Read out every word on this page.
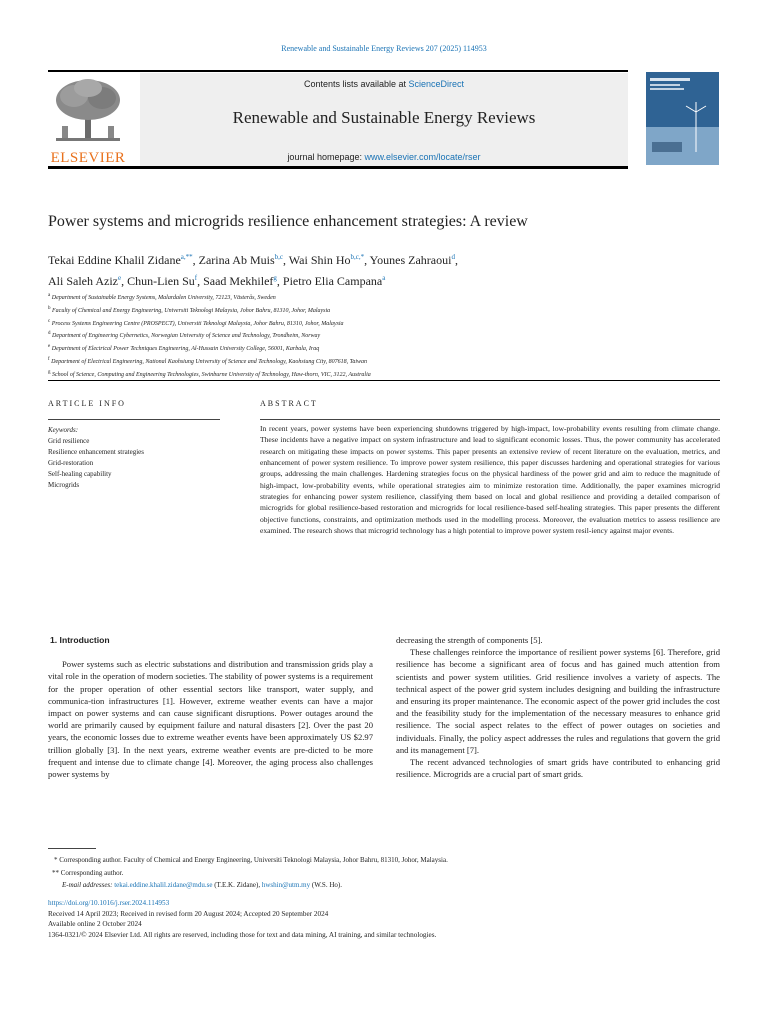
Renewable and Sustainable Energy Reviews 207 (2025) 114953
ELSEVIER
Contents lists available at ScienceDirect
Renewable and Sustainable Energy Reviews
journal homepage: www.elsevier.com/locate/rser
Power systems and microgrids resilience enhancement strategies: A review
Tekai Eddine Khalil Zidane$^{a,**}$, Zarina Ab Muis$^{b,c}$, Wai Shin $Ho^{b,c,*}$, Younes Zahraoui$^d$,
Ali Saleh Aziz$^e$, Chun-Lien Su$^f$, Saad Mekhilef$^g$, Pietro Elia Campana$^a$
$^a$ Department of Sustainable Energy Systems, Malardalen University, 72123, Västerås, Sweden
$^b$ Faculty of Chemical and Energy Engineering, Universiti Teknologi Malaysia, Johor Bahru, 81310, Johor, Malaysia
$^c$ Process Systems Engineering Centre (PROSPECT), Universiti Teknologi Malaysia, Johor Bahru, 81310, Johor, Malaysia
$^d$ Department of Engineering Cybernetics, Norwegian University of Science and Technology, Trondheim, Norway
$^e$ Department of Electrical Power Techniques Engineering, Al-Hussain University College, 56001, Karbala, Iraq
$^f$ Department of Electrical Engineering, National Kaohsiung University of Science and Technology, Kaohsiung City, 807618, Taiwan
$^g$ School of Science, Computing and Engineering Technologies, Swinburne University of Technology, Haw-thorn, VIC, 3122, Australia
ARTICLE INFO
Keywords:
Grid resilience
Resilience enhancement strategies
Grid-restoration
Self-healing capability
Microgrids
ABSTRACT
In recent years, power systems have been experiencing shutdowns triggered by high-impact, low-probability events resulting from climate change. These incidents have a negative impact on system infrastructure and lead to significant economic losses. Thus, the power community has accelerated research on mitigating these impacts on power systems. This paper presents an extensive review of recent literature on the evaluation, metrics, and enhancement of power system resilience. To improve power system resilience, this paper discusses hardening and operational strategies for various groups, addressing the main challenges. Hardening strategies focus on the physical hardiness of the power grid and aim to reduce the magnitude of high-impact, low-probability events, while operational strategies aim to minimize restoration time. Additionally, the paper examines microgrid strategies for enhancing power system resilience, classifying them based on local and global resilience and providing a detailed comparison of microgrids for global resilience-based restoration and microgrids for local resilience-based self-healing strategies. This paper presents the different objective functions, constraints, and optimization methods used in the modelling process. Moreover, the evaluation metrics to assess resilience are examined. The research shows that microgrid technology has a high potential to improve power system resil-iency against major events.
1. Introduction

Power systems such as electric substations and distribution and transmission grids play a vital role in the operation of modern societies. The stability of power systems is a requirement for the proper operation of other essential sectors like transport, water supply, and communica-tion infrastructures [1]. However, extreme weather events can have a major impact on power systems and can cause significant disruptions. Power outages around the world are primarily caused by equipment failure and natural disasters [2]. Over the past 20 years, the economic losses due to extreme weather events have been approximately US $2.97 trillion globally [3]. In the next years, extreme weather events are pre-dicted to be more frequent and intense due to climate change [4]. Moreover, the aging process also challenges power systems by

decreasing the strength of components [5].

These challenges reinforce the importance of resilient power systems [6]. Therefore, grid resilience has become a significant area of focus and has gained much attention from scientists and power system utilities. Grid resilience involves a variety of aspects. The technical aspect of the power grid system includes designing and building the infrastructure and ensuring its proper maintenance. The economic aspect of the power grid includes the cost and the feasibility study for the implementation of the necessary measures to enhance grid resilience. The social aspect relates to the effect of power outages on societies and individuals. Finally, the policy aspect addresses the rules and regulations that govern the grid and its management [7].

The recent advanced technologies of smart grids have contributed to enhancing grid resilience. Microgrids are a crucial part of smart grids.

* Corresponding author. Faculty of Chemical and Energy Engineering, Universiti Teknologi Malaysia, Johor Bahru, 81310, Johor, Malaysia.
** Corresponding author.
E-mail addresses: tekai.eddine.khalil.zidane@mdu.se (T.E.K. Zidane), hwshin@utm.my (W.S. Ho).
https://doi.org/10.1016/j.rser.2024.114953
Received 14 April 2023; Received in revised form 20 August 2024; Accepted 20 September 2024
Available online 2 October 2024
1364-0321/© 2024 Elsevier Ltd. All rights are reserved, including those for text and data mining, AI training, and similar technologies.
